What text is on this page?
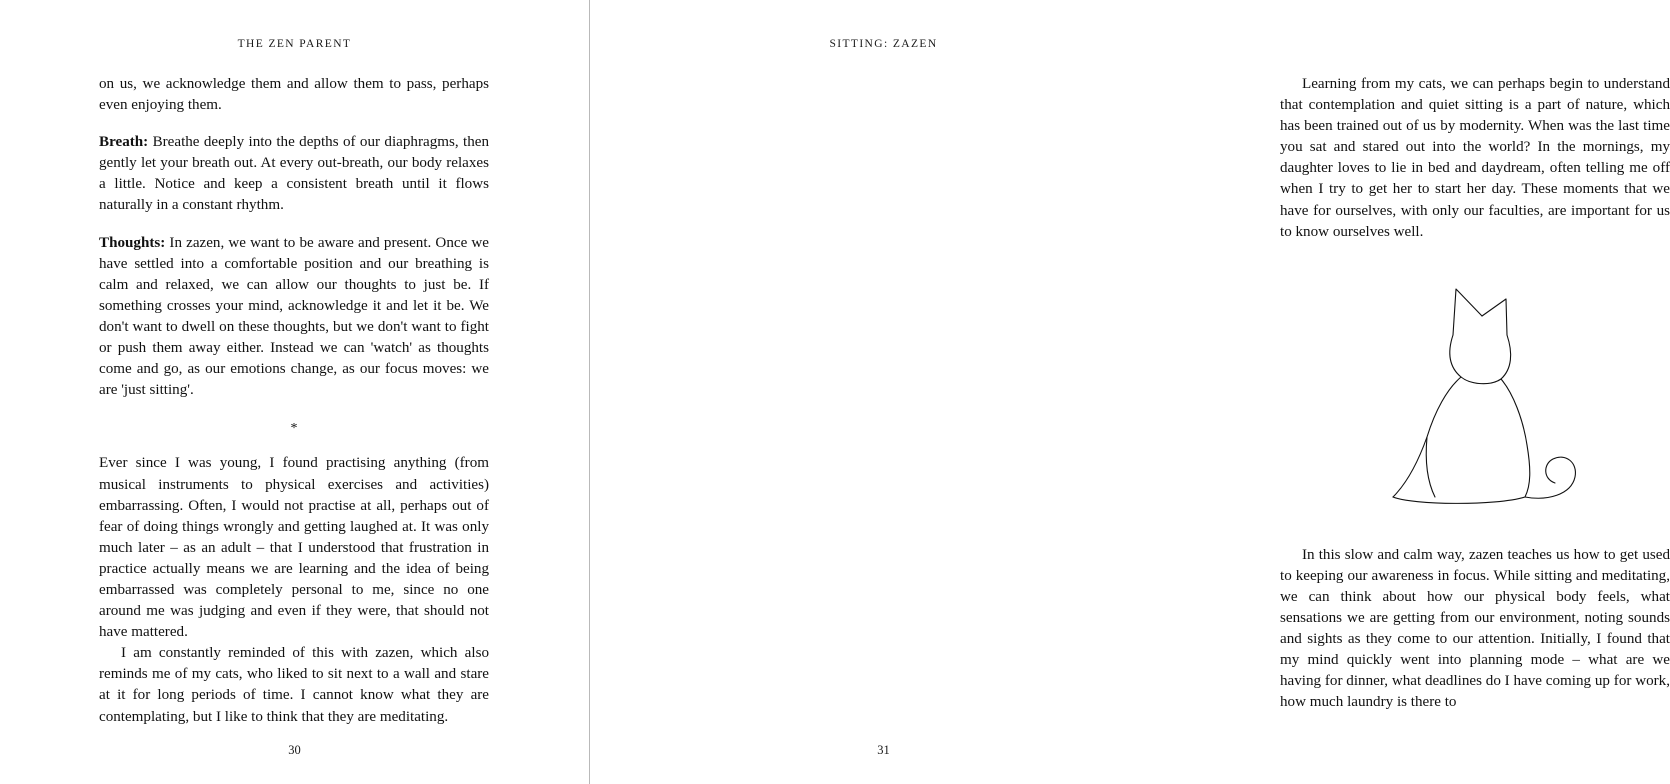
THE ZEN PARENT

on us, we acknowledge them and allow them to pass, perhaps even enjoying them.

Breath: Breathe deeply into the depths of our diaphragms, then gently let your breath out. At every out-breath, our body relaxes a little. Notice and keep a consistent breath until it flows naturally in a constant rhythm.

Thoughts: In zazen, we want to be aware and present. Once we have settled into a comfortable position and our breathing is calm and relaxed, we can allow our thoughts to just be. If something crosses your mind, acknowledge it and let it be. We don't want to dwell on these thoughts, but we don't want to fight or push them away either. Instead we can 'watch' as thoughts come and go, as our emotions change, as our focus moves: we are 'just sitting'.

*

Ever since I was young, I found practising anything (from musical instruments to physical exercises and activities) embarrassing. Often, I would not practise at all, perhaps out of fear of doing things wrongly and getting laughed at. It was only much later – as an adult – that I understood that frustration in practice actually means we are learning and the idea of being embarrassed was completely personal to me, since no one around me was judging and even if they were, that should not have mattered.

I am constantly reminded of this with zazen, which also reminds me of my cats, who liked to sit next to a wall and stare at it for long periods of time. I cannot know what they are contemplating, but I like to think that they are meditating.

30
SITTING: ZAZEN

Learning from my cats, we can perhaps begin to understand that contemplation and quiet sitting is a part of nature, which has been trained out of us by modernity. When was the last time you sat and stared out into the world? In the mornings, my daughter loves to lie in bed and daydream, often telling me off when I try to get her to start her day. These moments that we have for ourselves, with only our faculties, are important for us to know ourselves well.

In this slow and calm way, zazen teaches us how to get used to keeping our awareness in focus. While sitting and meditating, we can think about how our physical body feels, what sensations we are getting from our environment, noting sounds and sights as they come to our attention. Initially, I found that my mind quickly went into planning mode – what are we having for dinner, what deadlines do I have coming up for work, how much laundry is there to

31
